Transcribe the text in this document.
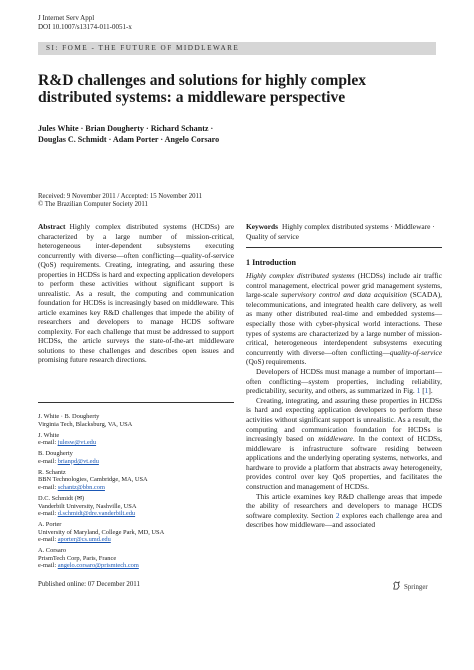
J Internet Serv Appl
DOI 10.1007/s13174-011-0051-x
SI: FOME - THE FUTURE OF MIDDLEWARE
R&D challenges and solutions for highly complex distributed systems: a middleware perspective
Jules White · Brian Dougherty · Richard Schantz ·
Douglas C. Schmidt · Adam Porter · Angelo Corsaro
Received: 9 November 2011 / Accepted: 15 November 2011
© The Brazilian Computer Society 2011
Abstract Highly complex distributed systems (HCDSs) are characterized by a large number of mission-critical, heterogeneous inter-dependent subsystems executing concurrently with diverse—often conflicting—quality-of-service (QoS) requirements. Creating, integrating, and assuring these properties in HCDSs is hard and expecting application developers to perform these activities without significant support is unrealistic. As a result, the computing and communication foundation for HCDSs is increasingly based on middleware. This article examines key R&D challenges that impede the ability of researchers and developers to manage HCDS software complexity. For each challenge that must be addressed to support HCDSs, the article surveys the state-of-the-art middleware solutions to these challenges and describes open issues and promising future research directions.
Keywords Highly complex distributed systems · Middleware · Quality of service
J. White · B. Dougherty
Virginia Tech, Blacksburg, VA, USA
J. White
e-mail: julesw@vt.edu
B. Dougherty
e-mail: brianpd@vt.edu
R. Schantz
BBN Technologies, Cambridge, MA, USA
e-mail: schantz@bbn.com
D.C. Schmidt (✉)
Vanderbilt University, Nashville, USA
e-mail: d.schmidt@dre.vanderbilt.edu
A. Porter
University of Maryland, College Park, MD, USA
e-mail: aporter@cs.umd.edu
A. Corsaro
PrismTech Corp, Paris, France
e-mail: angelo.corsaro@prismtech.com
Published online: 07 December 2011
1 Introduction

Highly complex distributed systems (HCDSs) include air traffic control management, electrical power grid management systems, large-scale supervisory control and data acquisition (SCADA), telecommunications, and integrated health care delivery, as well as many other distributed real-time and embedded systems—especially those with cyber-physical world interactions. These types of systems are characterized by a large number of mission-critical, heterogeneous interdependent subsystems executing concurrently with diverse—often conflicting—quality-of-service (QoS) requirements.

Developers of HCDSs must manage a number of important—often conflicting—system properties, including reliability, predictability, security, and others, as summarized in Fig. 1 [1].

Creating, integrating, and assuring these properties in HCDSs is hard and expecting application developers to perform these activities without significant support is unrealistic. As a result, the computing and communication foundation for HCDSs is increasingly based on middleware. In the context of HCDSs, middleware is infrastructure software residing between applications and the underlying operating systems, networks, and hardware to provide a platform that abstracts away heterogeneity, provides control over key QoS properties, and facilitates the construction and management of HCDSs.

This article examines key R&D challenge areas that impede the ability of researchers and developers to manage HCDS software complexity. Section 2 explores each challenge area and describes how middleware—and associated

Springer
